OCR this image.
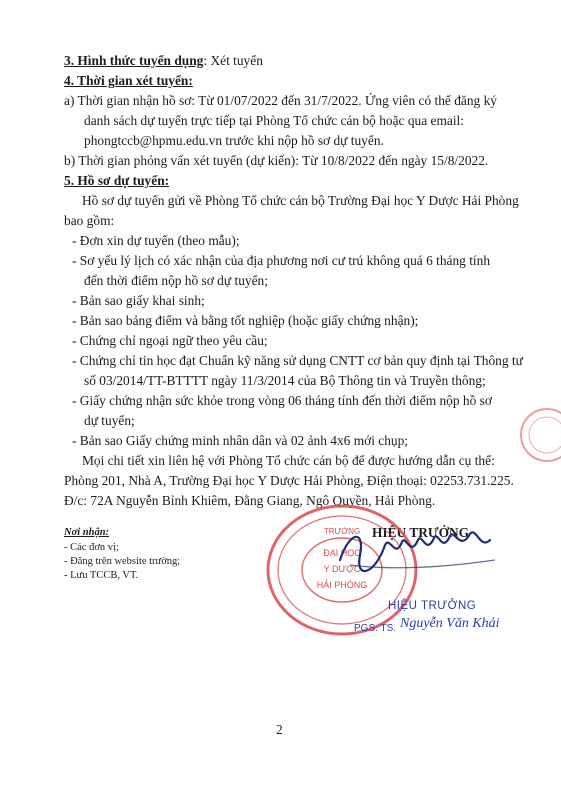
3. Hình thức tuyển dụng: Xét tuyển
4. Thời gian xét tuyển:
a) Thời gian nhận hồ sơ: Từ 01/07/2022 đến 31/7/2022. Ứng viên có thể đăng ký
danh sách dự tuyển trực tiếp tại Phòng Tổ chức cán bộ hoặc qua email:
phongtccb@hpmu.edu.vn trước khi nộp hồ sơ dự tuyển.
b) Thời gian phỏng vấn xét tuyển (dự kiến): Từ 10/8/2022 đến ngày 15/8/2022.
5. Hồ sơ dự tuyển:
Hồ sơ dự tuyển gửi về Phòng Tổ chức cán bộ Trường Đại học Y Dược Hải Phòng
bao gồm:
- Đơn xin dự tuyển (theo mẫu);
- Sơ yếu lý lịch có xác nhận của địa phương nơi cư trú không quá 6 tháng tính
đến thời điểm nộp hồ sơ dự tuyển;
- Bản sao giấy khai sinh;
- Bản sao bảng điểm và bằng tốt nghiệp (hoặc giấy chứng nhận);
- Chứng chỉ ngoại ngữ theo yêu cầu;
- Chứng chỉ tin học đạt Chuẩn kỹ năng sử dụng CNTT cơ bản quy định tại Thông tư
số 03/2014/TT-BTTTT ngày 11/3/2014 của Bộ Thông tin và Truyền thông;
- Giấy chứng nhận sức khỏe trong vòng 06 tháng tính đến thời điểm nộp hồ sơ
dự tuyển;
- Bản sao Giấy chứng minh nhân dân và 02 ảnh 4x6 mới chụp;
Mọi chi tiết xin liên hệ với Phòng Tổ chức cán bộ để được hướng dẫn cụ thể:
Phòng 201, Nhà A, Trường Đại học Y Dược Hải Phòng, Điện thoại: 02253.731.225.
Đ/c: 72A Nguyễn Bỉnh Khiêm, Đằng Giang, Ngô Quyền, Hải Phòng.
Nơi nhận:
- Các đơn vị;
- Đăng trên website trường;
- Lưu TCCB, VT.
HIỆU TRƯỞNG
TRƯỜNG
ĐẠI HỌC
Y DƯỢC
HẢI PHÒNG
HIỆU TRƯỞNG
PGS. TS. Nguyễn Văn Khải
2
